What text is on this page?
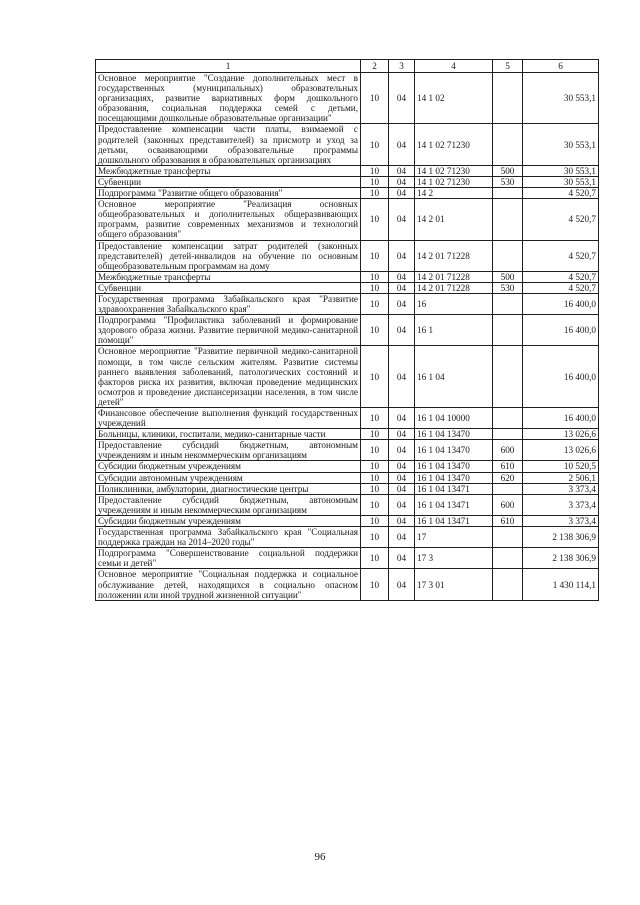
1	2	3	4	5	6
Основное мероприятие "Создание дополнительных мест в государственных (муниципальных) образовательных организациях, развитие вариативных форм дошкольного образования, социальная поддержка семей с детьми, посещающими дошкольные образовательные организации"	10	04	14 1 02		30 553,1
Предоставление компенсации части платы, взимаемой с родителей (законных представителей) за присмотр и уход за детьми, осваивающими образовательные программы дошкольного образования в образовательных организациях	10	04	14 1 02 71230		30 553,1
Межбюджетные трансферты	10	04	14 1 02 71230	500	30 553,1
Субвенции	10	04	14 1 02 71230	530	30 553,1
Подпрограмма "Развитие общего образования"	10	04	14 2		4 520,7
Основное мероприятие "Реализация основных общеобразовательных и дополнительных общеразвивающих программ, развитие современных механизмов и технологий общего образования"	10	04	14 2 01		4 520,7
Предоставление компенсации затрат родителей (законных представителей) детей-инвалидов на обучение по основным общеобразовательным программам на дому	10	04	14 2 01 71228		4 520,7
Межбюджетные трансферты	10	04	14 2 01 71228	500	4 520,7
Субвенции	10	04	14 2 01 71228	530	4 520,7
Государственная программа Забайкальского края "Развитие здравоохранения Забайкальского края"	10	04	16		16 400,0
Подпрограмма "Профилактика заболеваний и формирование здорового образа жизни. Развитие первичной медико-санитарной помощи"	10	04	16 1		16 400,0
Основное мероприятие "Развитие первичной медико-санитарной помощи, в том числе сельским жителям. Развитие системы раннего выявления заболеваний, патологических состояний и факторов риска их развития, включая проведение медицинских осмотров и проведение диспансеризации населения, в том числе детей"	10	04	16 1 04		16 400,0
Финансовое обеспечение выполнения функций государственных учреждений	10	04	16 1 04 10000		16 400,0
Больницы, клиники, госпитали, медико-санитарные части	10	04	16 1 04 13470		13 026,6
Предоставление субсидий бюджетным, автономным учреждениям и иным некоммерческим организациям	10	04	16 1 04 13470	600	13 026,6
Субсидии бюджетным учреждениям	10	04	16 1 04 13470	610	10 520,5
Субсидии автономным учреждениям	10	04	16 1 04 13470	620	2 506,1
Поликлиники, амбулатории, диагностические центры	10	04	16 1 04 13471		3 373,4
Предоставление субсидий бюджетным, автономным учреждениям и иным некоммерческим организациям	10	04	16 1 04 13471	600	3 373,4
Субсидии бюджетным учреждениям	10	04	16 1 04 13471	610	3 373,4
Государственная программа Забайкальского края "Социальная поддержка граждан на 2014–2020 годы"	10	04	17		2 138 306,9
Подпрограмма "Совершенствование социальной поддержки семьи и детей"	10	04	17 3		2 138 306,9
Основное мероприятие "Социальная поддержка и социальное обслуживание детей, находящихся в социально опасном положении или иной трудной жизненной ситуации"	10	04	17 3 01		1 430 114,1
96
